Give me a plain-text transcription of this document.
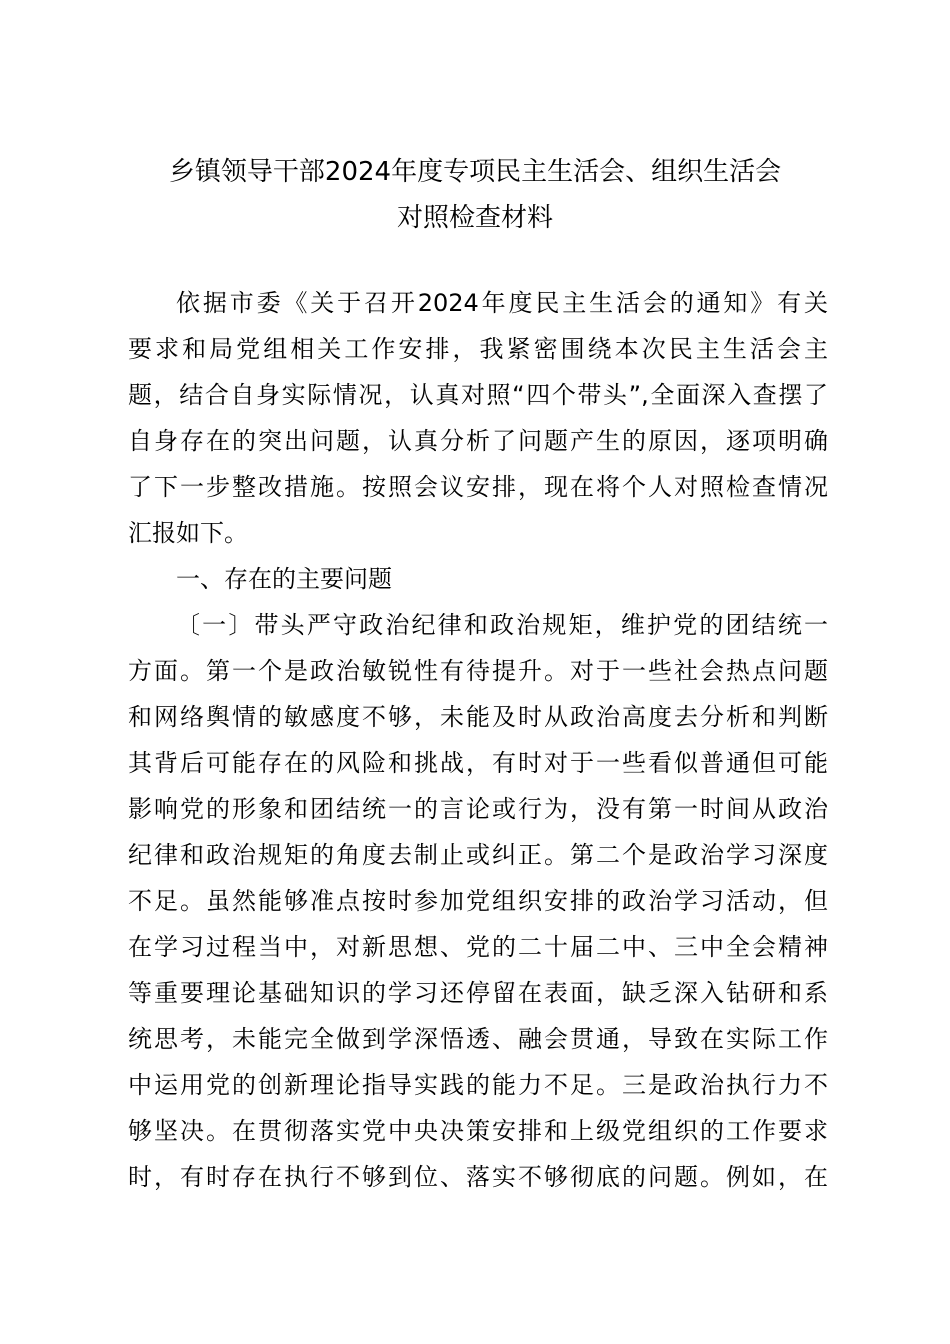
乡镇领导干部2024年度专项民主生活会、组织生活会
对照检查材料
依据市委《关于召开2024年度民主生活会的通知》有关
要求和局党组相关工作安排，我紧密围绕本次民主生活会主
题，结合自身实际情况，认真对照“四个带头”,全面深入查摆了
自身存在的突出问题，认真分析了问题产生的原因，逐项明确
了下一步整改措施。按照会议安排，现在将个人对照检查情况
汇报如下。
一、存在的主要问题
〔一〕带头严守政治纪律和政治规矩，维护党的团结统一
方面。第一个是政治敏锐性有待提升。对于一些社会热点问题
和网络舆情的敏感度不够，未能及时从政治高度去分析和判断
其背后可能存在的风险和挑战，有时对于一些看似普通但可能
影响党的形象和团结统一的言论或行为，没有第一时间从政治
纪律和政治规矩的角度去制止或纠正。第二个是政治学习深度
不足。虽然能够准点按时参加党组织安排的政治学习活动，但
在学习过程当中，对新思想、党的二十届二中、三中全会精神
等重要理论基础知识的学习还停留在表面，缺乏深入钻研和系
统思考，未能完全做到学深悟透、融会贯通，导致在实际工作
中运用党的创新理论指导实践的能力不足。三是政治执行力不
够坚决。在贯彻落实党中央决策安排和上级党组织的工作要求
时，有时存在执行不够到位、落实不够彻底的问题。例如，在
